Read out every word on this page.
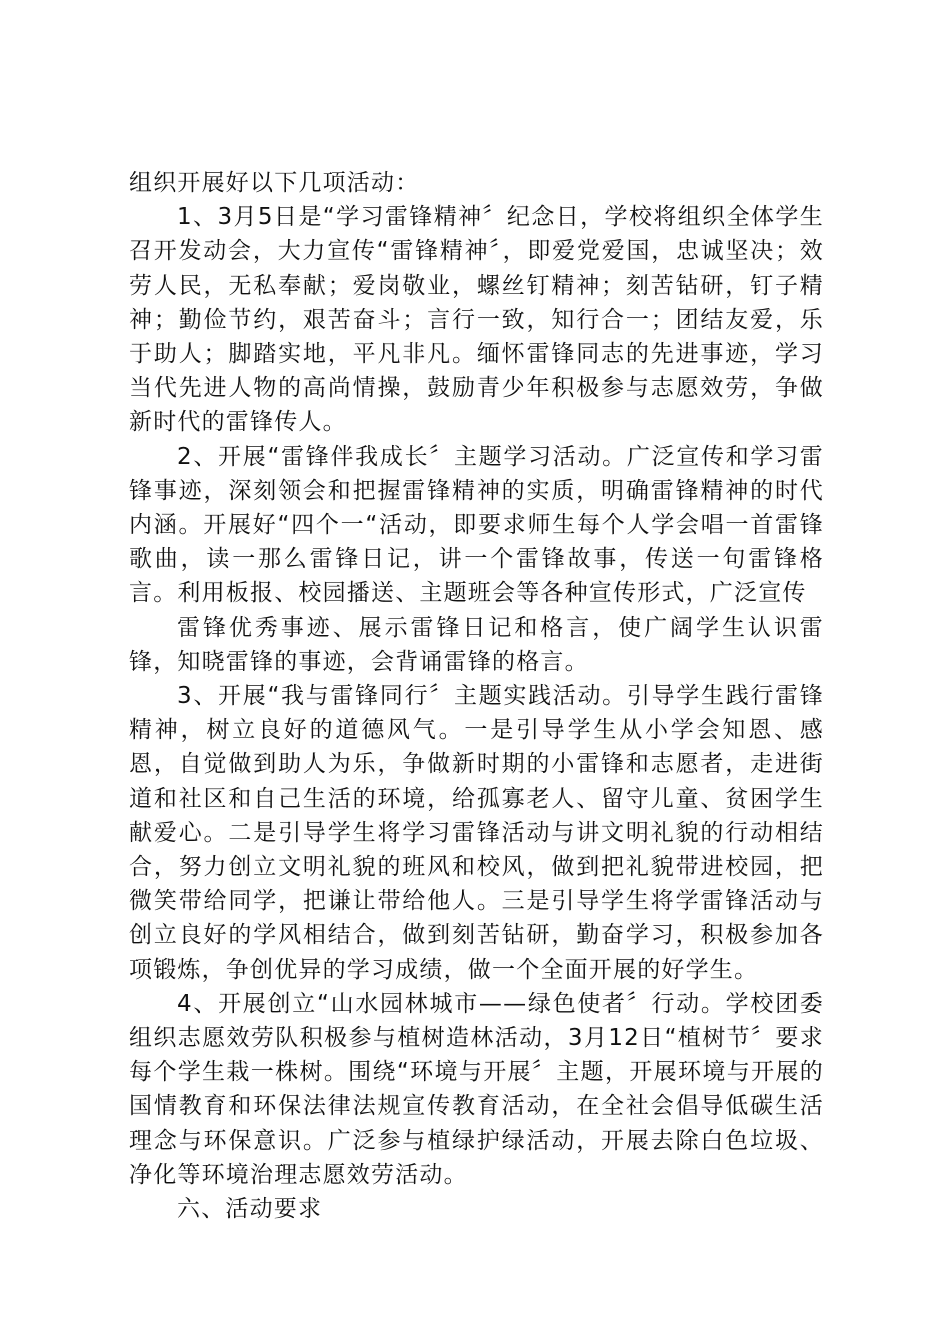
组织开展好以下几项活动：

1、3月5日是“学习雷锋精神〞纪念日，学校将组织全体学生召开发动会，大力宣传“雷锋精神〞，即爱党爱国，忠诚坚决；效劳人民，无私奉献；爱岗敬业，螺丝钉精神；刻苦钻研，钉子精神；勤俭节约，艰苦奋斗；言行一致，知行合一；团结友爱，乐于助人；脚踏实地，平凡非凡。缅怀雷锋同志的先进事迹，学习当代先进人物的高尚情操，鼓励青少年积极参与志愿效劳，争做新时代的雷锋传人。

2、开展“雷锋伴我成长〞主题学习活动。广泛宣传和学习雷锋事迹，深刻领会和把握雷锋精神的实质，明确雷锋精神的时代内涵。开展好“四个一“活动，即要求师生每个人学会唱一首雷锋歌曲，读一那么雷锋日记，讲一个雷锋故事，传送一句雷锋格言。利用板报、校园播送、主题班会等各种宣传形式，广泛宣传

雷锋优秀事迹、展示雷锋日记和格言，使广阔学生认识雷锋，知晓雷锋的事迹，会背诵雷锋的格言。

3、开展“我与雷锋同行〞主题实践活动。引导学生践行雷锋精神，树立良好的道德风气。一是引导学生从小学会知恩、感恩，自觉做到助人为乐，争做新时期的小雷锋和志愿者，走进街道和社区和自己生活的环境，给孤寡老人、留守儿童、贫困学生献爱心。二是引导学生将学习雷锋活动与讲文明礼貌的行动相结合，努力创立文明礼貌的班风和校风，做到把礼貌带进校园，把微笑带给同学，把谦让带给他人。三是引导学生将学雷锋活动与创立良好的学风相结合，做到刻苦钻研，勤奋学习，积极参加各项锻炼，争创优异的学习成绩，做一个全面开展的好学生。

4、开展创立“山水园林城市——绿色使者〞行动。学校团委组织志愿效劳队积极参与植树造林活动，3月12日“植树节〞要求每个学生栽一株树。围绕“环境与开展〞主题，开展环境与开展的国情教育和环保法律法规宣传教育活动，在全社会倡导低碳生活理念与环保意识。广泛参与植绿护绿活动，开展去除白色垃圾、净化等环境治理志愿效劳活动。

六、活动要求
